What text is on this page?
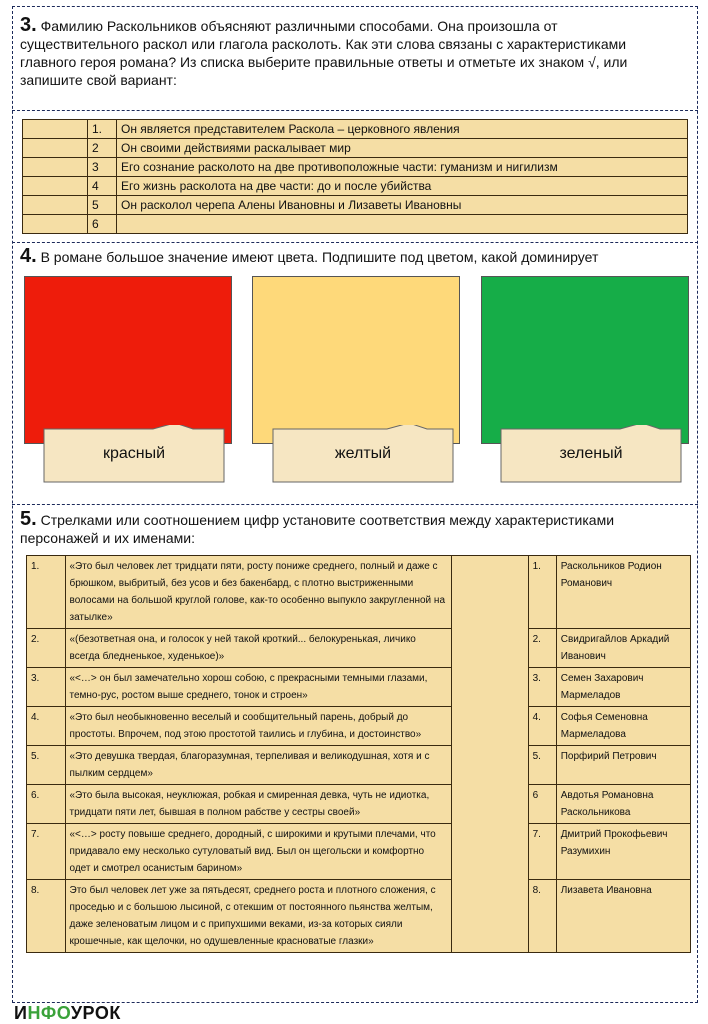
3. Фамилию Раскольников объясняют различными способами. Она произошла от существительного раскол или глагола расколоть. Как эти слова связаны с характеристиками главного героя романа? Из списка выберите правильные ответы и отметьте их знаком √, или запишите свой вариант:
	1.	Он является представителем Раскола – церковного явления
	2	Он своими действиями раскалывает мир
	3	Его сознание расколото на две противоположные части: гуманизм и нигилизм
	4	Его жизнь расколота на две части: до и после убийства
	5	Он расколол черепа Алены Ивановны и Лизаветы Ивановны
	6	
4. В романе большое значение имеют цвета. Подпишите под цветом, какой доминирует
красный	желтый	зеленый
5. Стрелками или соотношением цифр установите соответствия между характеристиками персонажей и их именами:
1.	«Это был человек лет тридцати пяти, росту пониже среднего, полный и даже с брюшком, выбритый, без усов и без бакенбард, с плотно выстриженными волосами на большой круглой голове, как-то особенно выпукло закругленной на затылке»		1.	Раскольников Родион Романович
2.	«(безответная она, и голосок у ней такой кроткий... белокуренькая, личико всегда бледненькое, худенькое)»		2.	Свидригайлов Аркадий Иванович
3.	«<…> он был замечательно хорош собою, с прекрасными темными глазами, темно-рус, ростом выше среднего, тонок и строен»		3.	Семен Захарович Мармеладов
4.	«Это был необыкновенно веселый и сообщительный парень, добрый до простоты. Впрочем, под этою простотой таились и глубина, и достоинство»		4.	Софья Семеновна Мармеладова
5.	«Это девушка твердая, благоразумная, терпеливая и великодушная, хотя и с пылким сердцем»		5.	Порфирий Петрович
6.	«Это была высокая, неуклюжая, робкая и смиренная девка, чуть не идиотка, тридцати пяти лет, бывшая в полном рабстве у сестры своей»		6	Авдотья Романовна Раскольникова
7.	«<…> росту повыше среднего, дородный, с широкими и крутыми плечами, что придавало ему несколько сутуловатый вид. Был он щегольски и комфортно одет и смотрел осанистым барином»		7.	Дмитрий Прокофьевич Разумихин
8.	Это был человек лет уже за пятьдесят, среднего роста и плотного сложения, с проседью и с большою лысиной, с отекшим от постоянного пьянства желтым, даже зеленоватым лицом и с припухшими веками, из-за которых сияли крошечные, как щелочки, но одушевленные красноватые глазки»		8.	Лизавета Ивановна
ИНФОУРОК
